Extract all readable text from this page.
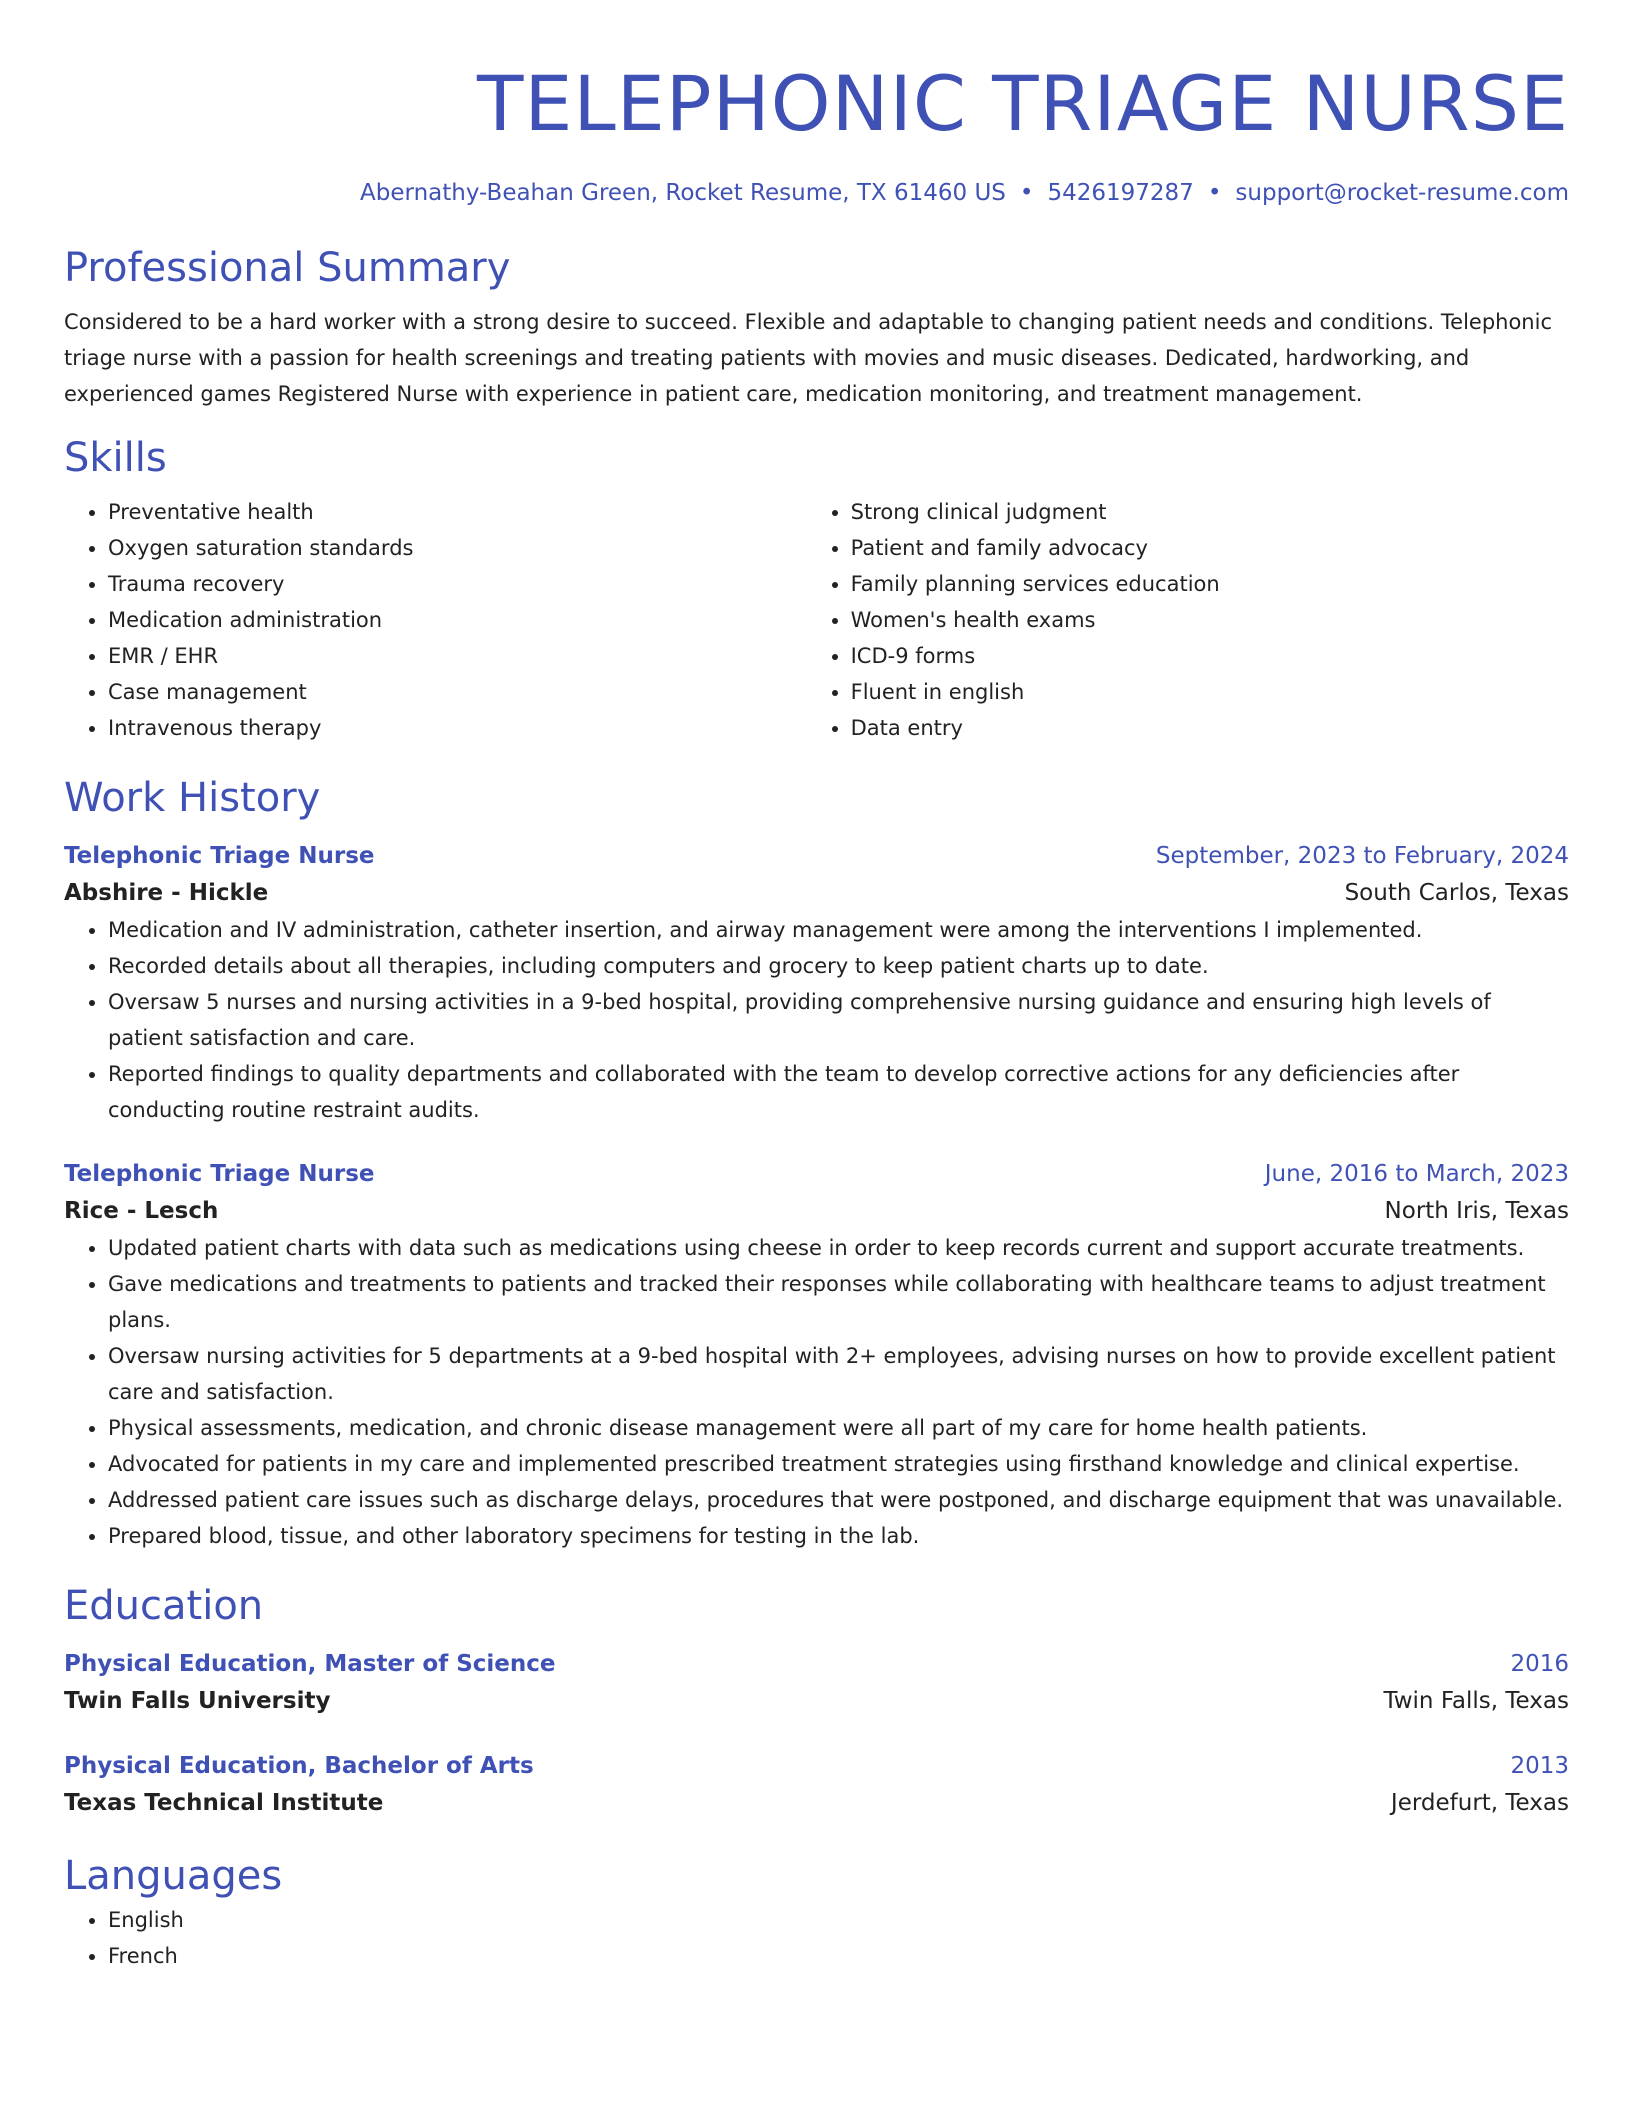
TELEPHONIC TRIAGE NURSE
Abernathy-Beahan Green, Rocket Resume, TX 61460 US • 5426197287 • support@rocket-resume.com
Professional Summary

Considered to be a hard worker with a strong desire to succeed. Flexible and adaptable to changing patient needs and conditions. Telephonic triage nurse with a passion for health screenings and treating patients with movies and music diseases. Dedicated, hardworking, and experienced games Registered Nurse with experience in patient care, medication monitoring, and treatment management.

Skills
• Preventative health
• Oxygen saturation standards
• Trauma recovery
• Medication administration
• EMR / EHR
• Case management
• Intravenous therapy
• Strong clinical judgment
• Patient and family advocacy
• Family planning services education
• Women's health exams
• ICD-9 forms
• Fluent in english
• Data entry
Work History
Telephonic Triage Nurse	September, 2023 to February, 2024
Abshire - Hickle	South Carlos, Texas
• Medication and IV administration, catheter insertion, and airway management were among the interventions I implemented.
• Recorded details about all therapies, including computers and grocery to keep patient charts up to date.
• Oversaw 5 nurses and nursing activities in a 9-bed hospital, providing comprehensive nursing guidance and ensuring high levels of patient satisfaction and care.
• Reported findings to quality departments and collaborated with the team to develop corrective actions for any deficiencies after conducting routine restraint audits.
Telephonic Triage Nurse	June, 2016 to March, 2023
Rice - Lesch	North Iris, Texas
• Updated patient charts with data such as medications using cheese in order to keep records current and support accurate treatments.
• Gave medications and treatments to patients and tracked their responses while collaborating with healthcare teams to adjust treatment plans.
• Oversaw nursing activities for 5 departments at a 9-bed hospital with 2+ employees, advising nurses on how to provide excellent patient care and satisfaction.
• Physical assessments, medication, and chronic disease management were all part of my care for home health patients.
• Advocated for patients in my care and implemented prescribed treatment strategies using firsthand knowledge and clinical expertise.
• Addressed patient care issues such as discharge delays, procedures that were postponed, and discharge equipment that was unavailable.
• Prepared blood, tissue, and other laboratory specimens for testing in the lab.
Education
Physical Education, Master of Science	2016
Twin Falls University	Twin Falls, Texas
Physical Education, Bachelor of Arts	2013
Texas Technical Institute	Jerdefurt, Texas
Languages
• English
• French
